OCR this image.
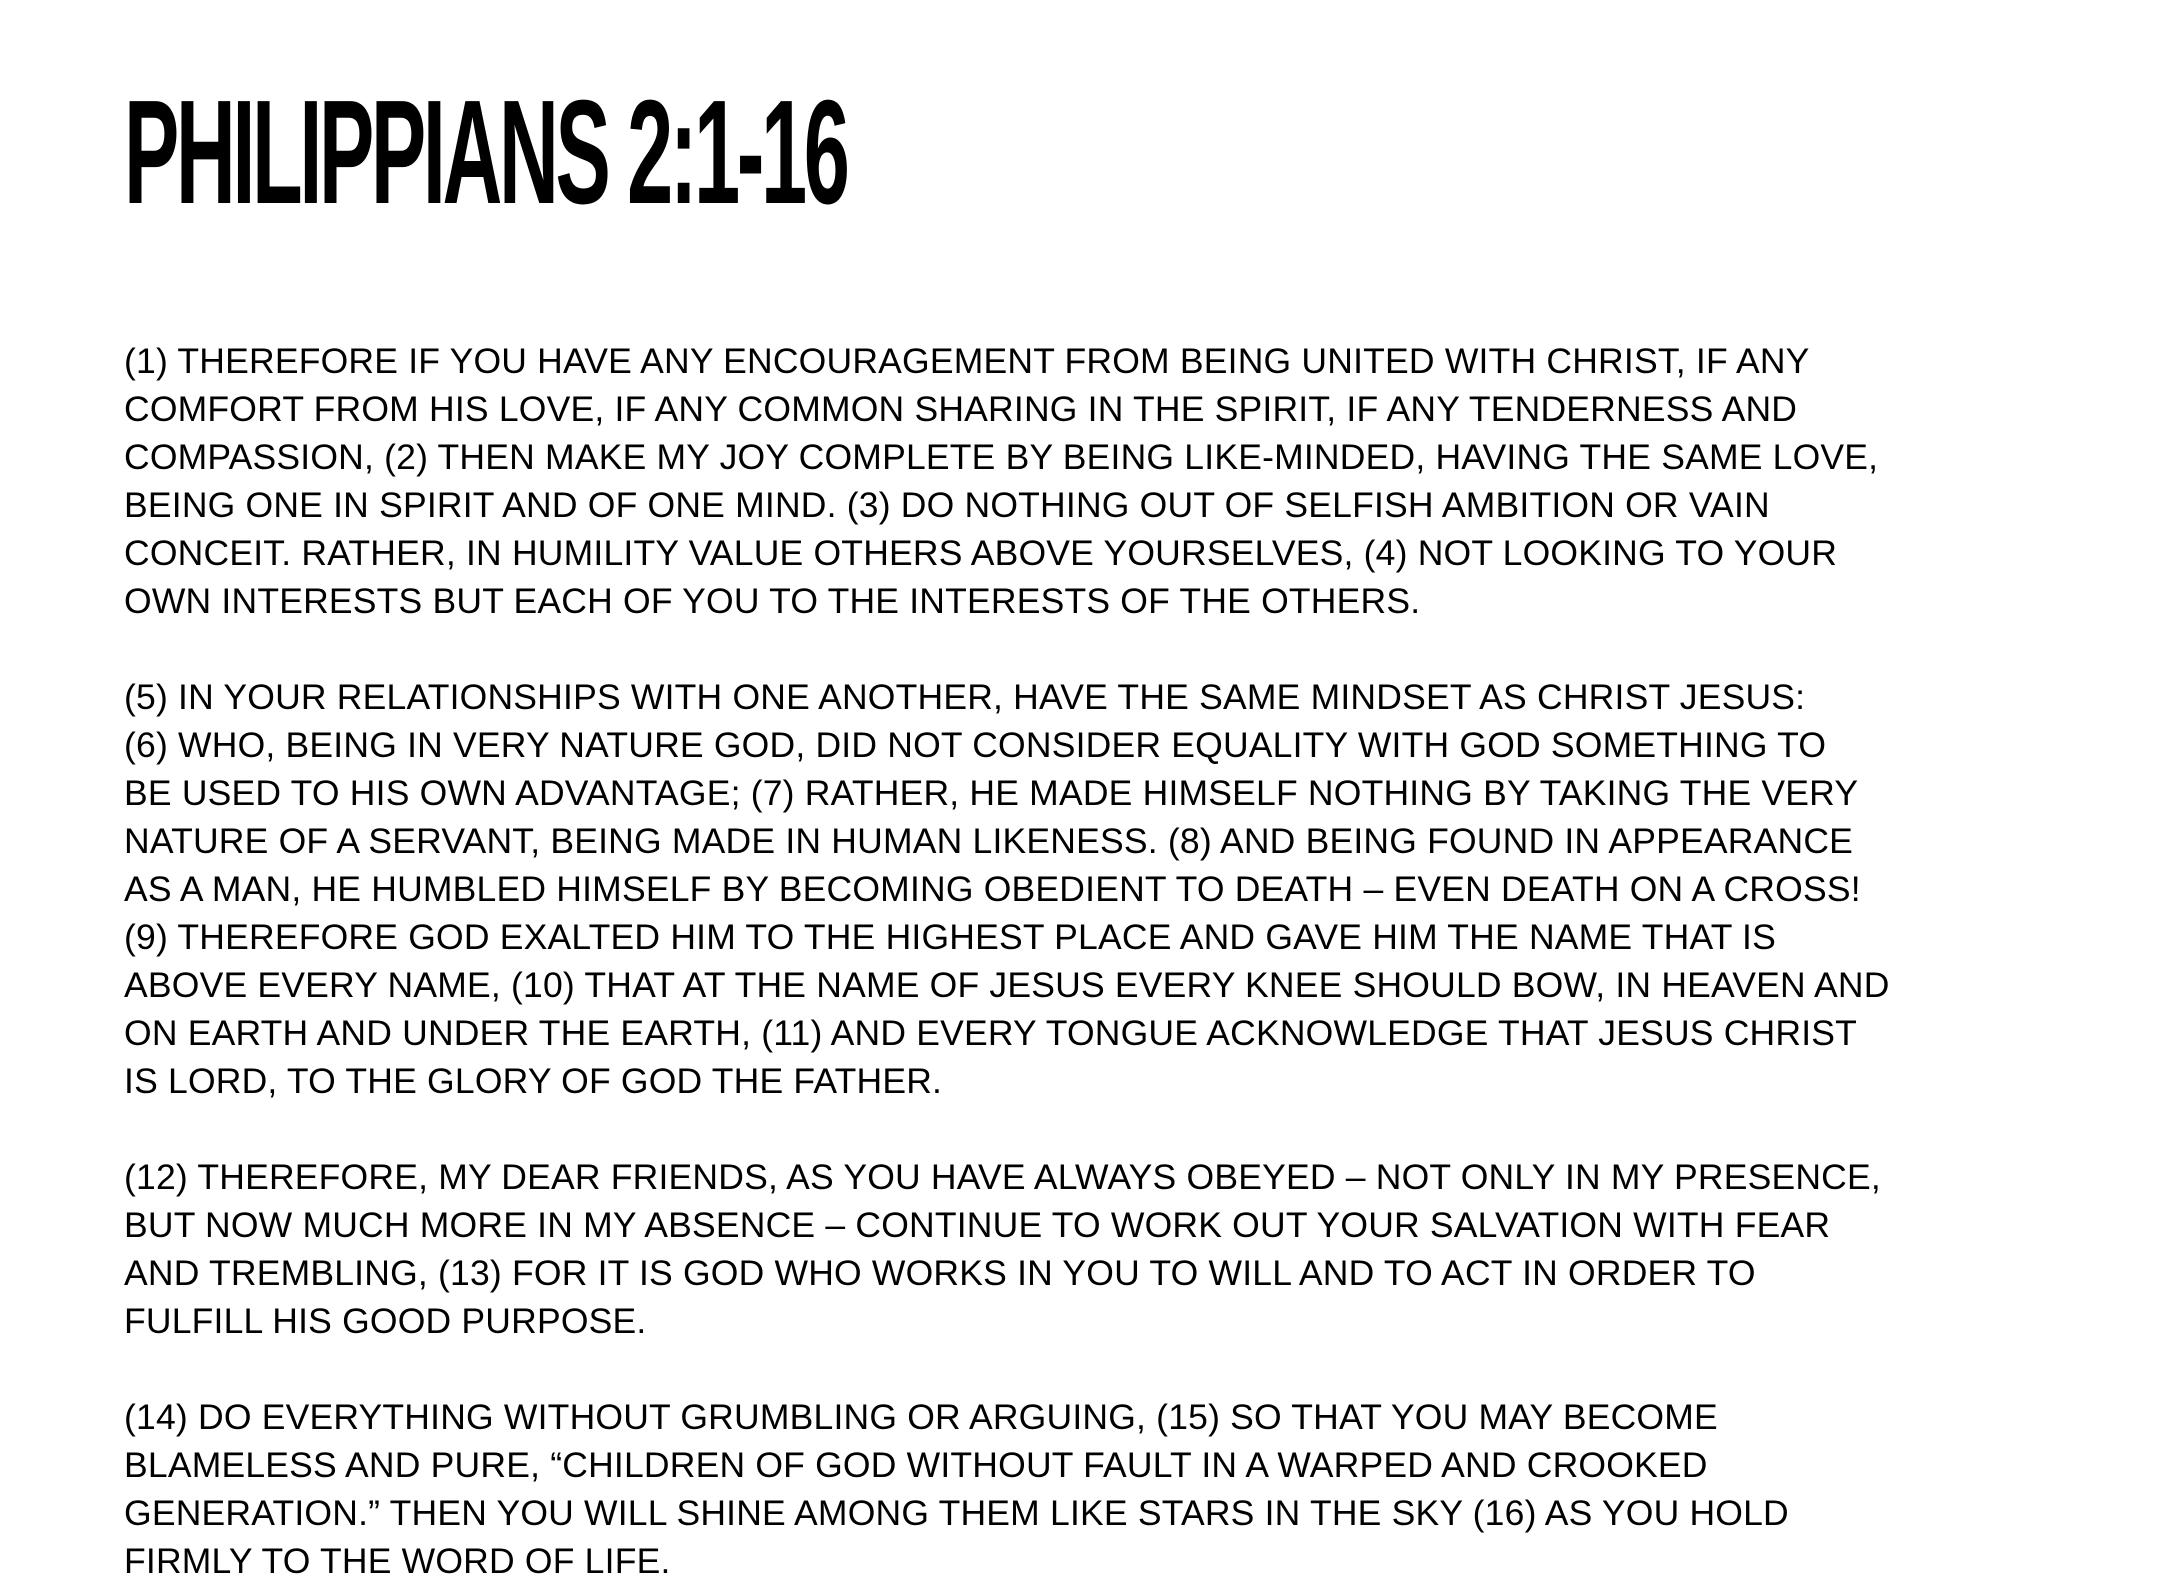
PHILIPPIANS 2:1-16

(1) THEREFORE IF YOU HAVE ANY ENCOURAGEMENT FROM BEING UNITED WITH CHRIST, IF ANY
COMFORT FROM HIS LOVE, IF ANY COMMON SHARING IN THE SPIRIT, IF ANY TENDERNESS AND
COMPASSION, (2) THEN MAKE MY JOY COMPLETE BY BEING LIKE-MINDED, HAVING THE SAME LOVE,
BEING ONE IN SPIRIT AND OF ONE MIND. (3) DO NOTHING OUT OF SELFISH AMBITION OR VAIN
CONCEIT. RATHER, IN HUMILITY VALUE OTHERS ABOVE YOURSELVES, (4) NOT LOOKING TO YOUR
OWN INTERESTS BUT EACH OF YOU TO THE INTERESTS OF THE OTHERS.

(5) IN YOUR RELATIONSHIPS WITH ONE ANOTHER, HAVE THE SAME MINDSET AS CHRIST JESUS:
(6) WHO, BEING IN VERY NATURE GOD, DID NOT CONSIDER EQUALITY WITH GOD SOMETHING TO
BE USED TO HIS OWN ADVANTAGE; (7) RATHER, HE MADE HIMSELF NOTHING BY TAKING THE VERY
NATURE OF A SERVANT, BEING MADE IN HUMAN LIKENESS. (8) AND BEING FOUND IN APPEARANCE
AS A MAN, HE HUMBLED HIMSELF BY BECOMING OBEDIENT TO DEATH – EVEN DEATH ON A CROSS!
(9) THEREFORE GOD EXALTED HIM TO THE HIGHEST PLACE AND GAVE HIM THE NAME THAT IS
ABOVE EVERY NAME, (10) THAT AT THE NAME OF JESUS EVERY KNEE SHOULD BOW, IN HEAVEN AND
ON EARTH AND UNDER THE EARTH, (11) AND EVERY TONGUE ACKNOWLEDGE THAT JESUS CHRIST
IS LORD, TO THE GLORY OF GOD THE FATHER.

(12) THEREFORE, MY DEAR FRIENDS, AS YOU HAVE ALWAYS OBEYED – NOT ONLY IN MY PRESENCE,
BUT NOW MUCH MORE IN MY ABSENCE – CONTINUE TO WORK OUT YOUR SALVATION WITH FEAR
AND TREMBLING, (13) FOR IT IS GOD WHO WORKS IN YOU TO WILL AND TO ACT IN ORDER TO
FULFILL HIS GOOD PURPOSE.

(14) DO EVERYTHING WITHOUT GRUMBLING OR ARGUING, (15) SO THAT YOU MAY BECOME
BLAMELESS AND PURE, “CHILDREN OF GOD WITHOUT FAULT IN A WARPED AND CROOKED
GENERATION.” THEN YOU WILL SHINE AMONG THEM LIKE STARS IN THE SKY (16) AS YOU HOLD
FIRMLY TO THE WORD OF LIFE.
